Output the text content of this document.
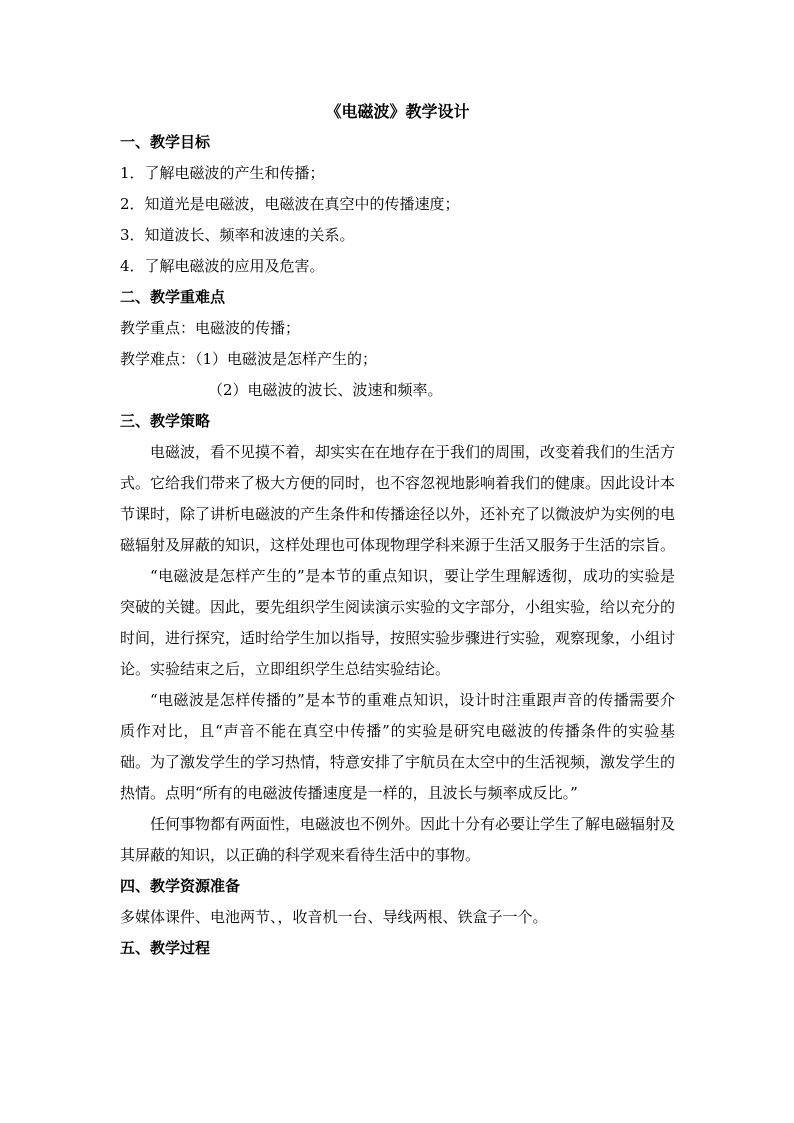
《电磁波》教学设计
一、教学目标
1．了解电磁波的产生和传播；
2．知道光是电磁波，电磁波在真空中的传播速度；
3．知道波长、频率和波速的关系。
4．了解电磁波的应用及危害。
二、教学重难点
教学重点：电磁波的传播；
教学难点：（1）电磁波是怎样产生的；
（2）电磁波的波长、波速和频率。
三、教学策略

电磁波，看不见摸不着，却实实在在地存在于我们的周围，改变着我们的生活方式。它给我们带来了极大方便的同时，也不容忽视地影响着我们的健康。因此设计本节课时，除了讲析电磁波的产生条件和传播途径以外，还补充了以微波炉为实例的电磁辐射及屏蔽的知识，这样处理也可体现物理学科来源于生活又服务于生活的宗旨。

“电磁波是怎样产生的”是本节的重点知识，要让学生理解透彻，成功的实验是突破的关键。因此，要先组织学生阅读演示实验的文字部分，小组实验，给以充分的时间，进行探究，适时给学生加以指导，按照实验步骤进行实验，观察现象，小组讨论。实验结束之后，立即组织学生总结实验结论。

“电磁波是怎样传播的”是本节的重难点知识，设计时注重跟声音的传播需要介质作对比，且“声音不能在真空中传播”的实验是研究电磁波的传播条件的实验基础。为了激发学生的学习热情，特意安排了宇航员在太空中的生活视频，激发学生的热情。点明“所有的电磁波传播速度是一样的，且波长与频率成反比。”

任何事物都有两面性，电磁波也不例外。因此十分有必要让学生了解电磁辐射及其屏蔽的知识，以正确的科学观来看待生活中的事物。

四、教学资源准备
多媒体课件、电池两节、，收音机一台、导线两根、铁盒子一个。
五、教学过程
